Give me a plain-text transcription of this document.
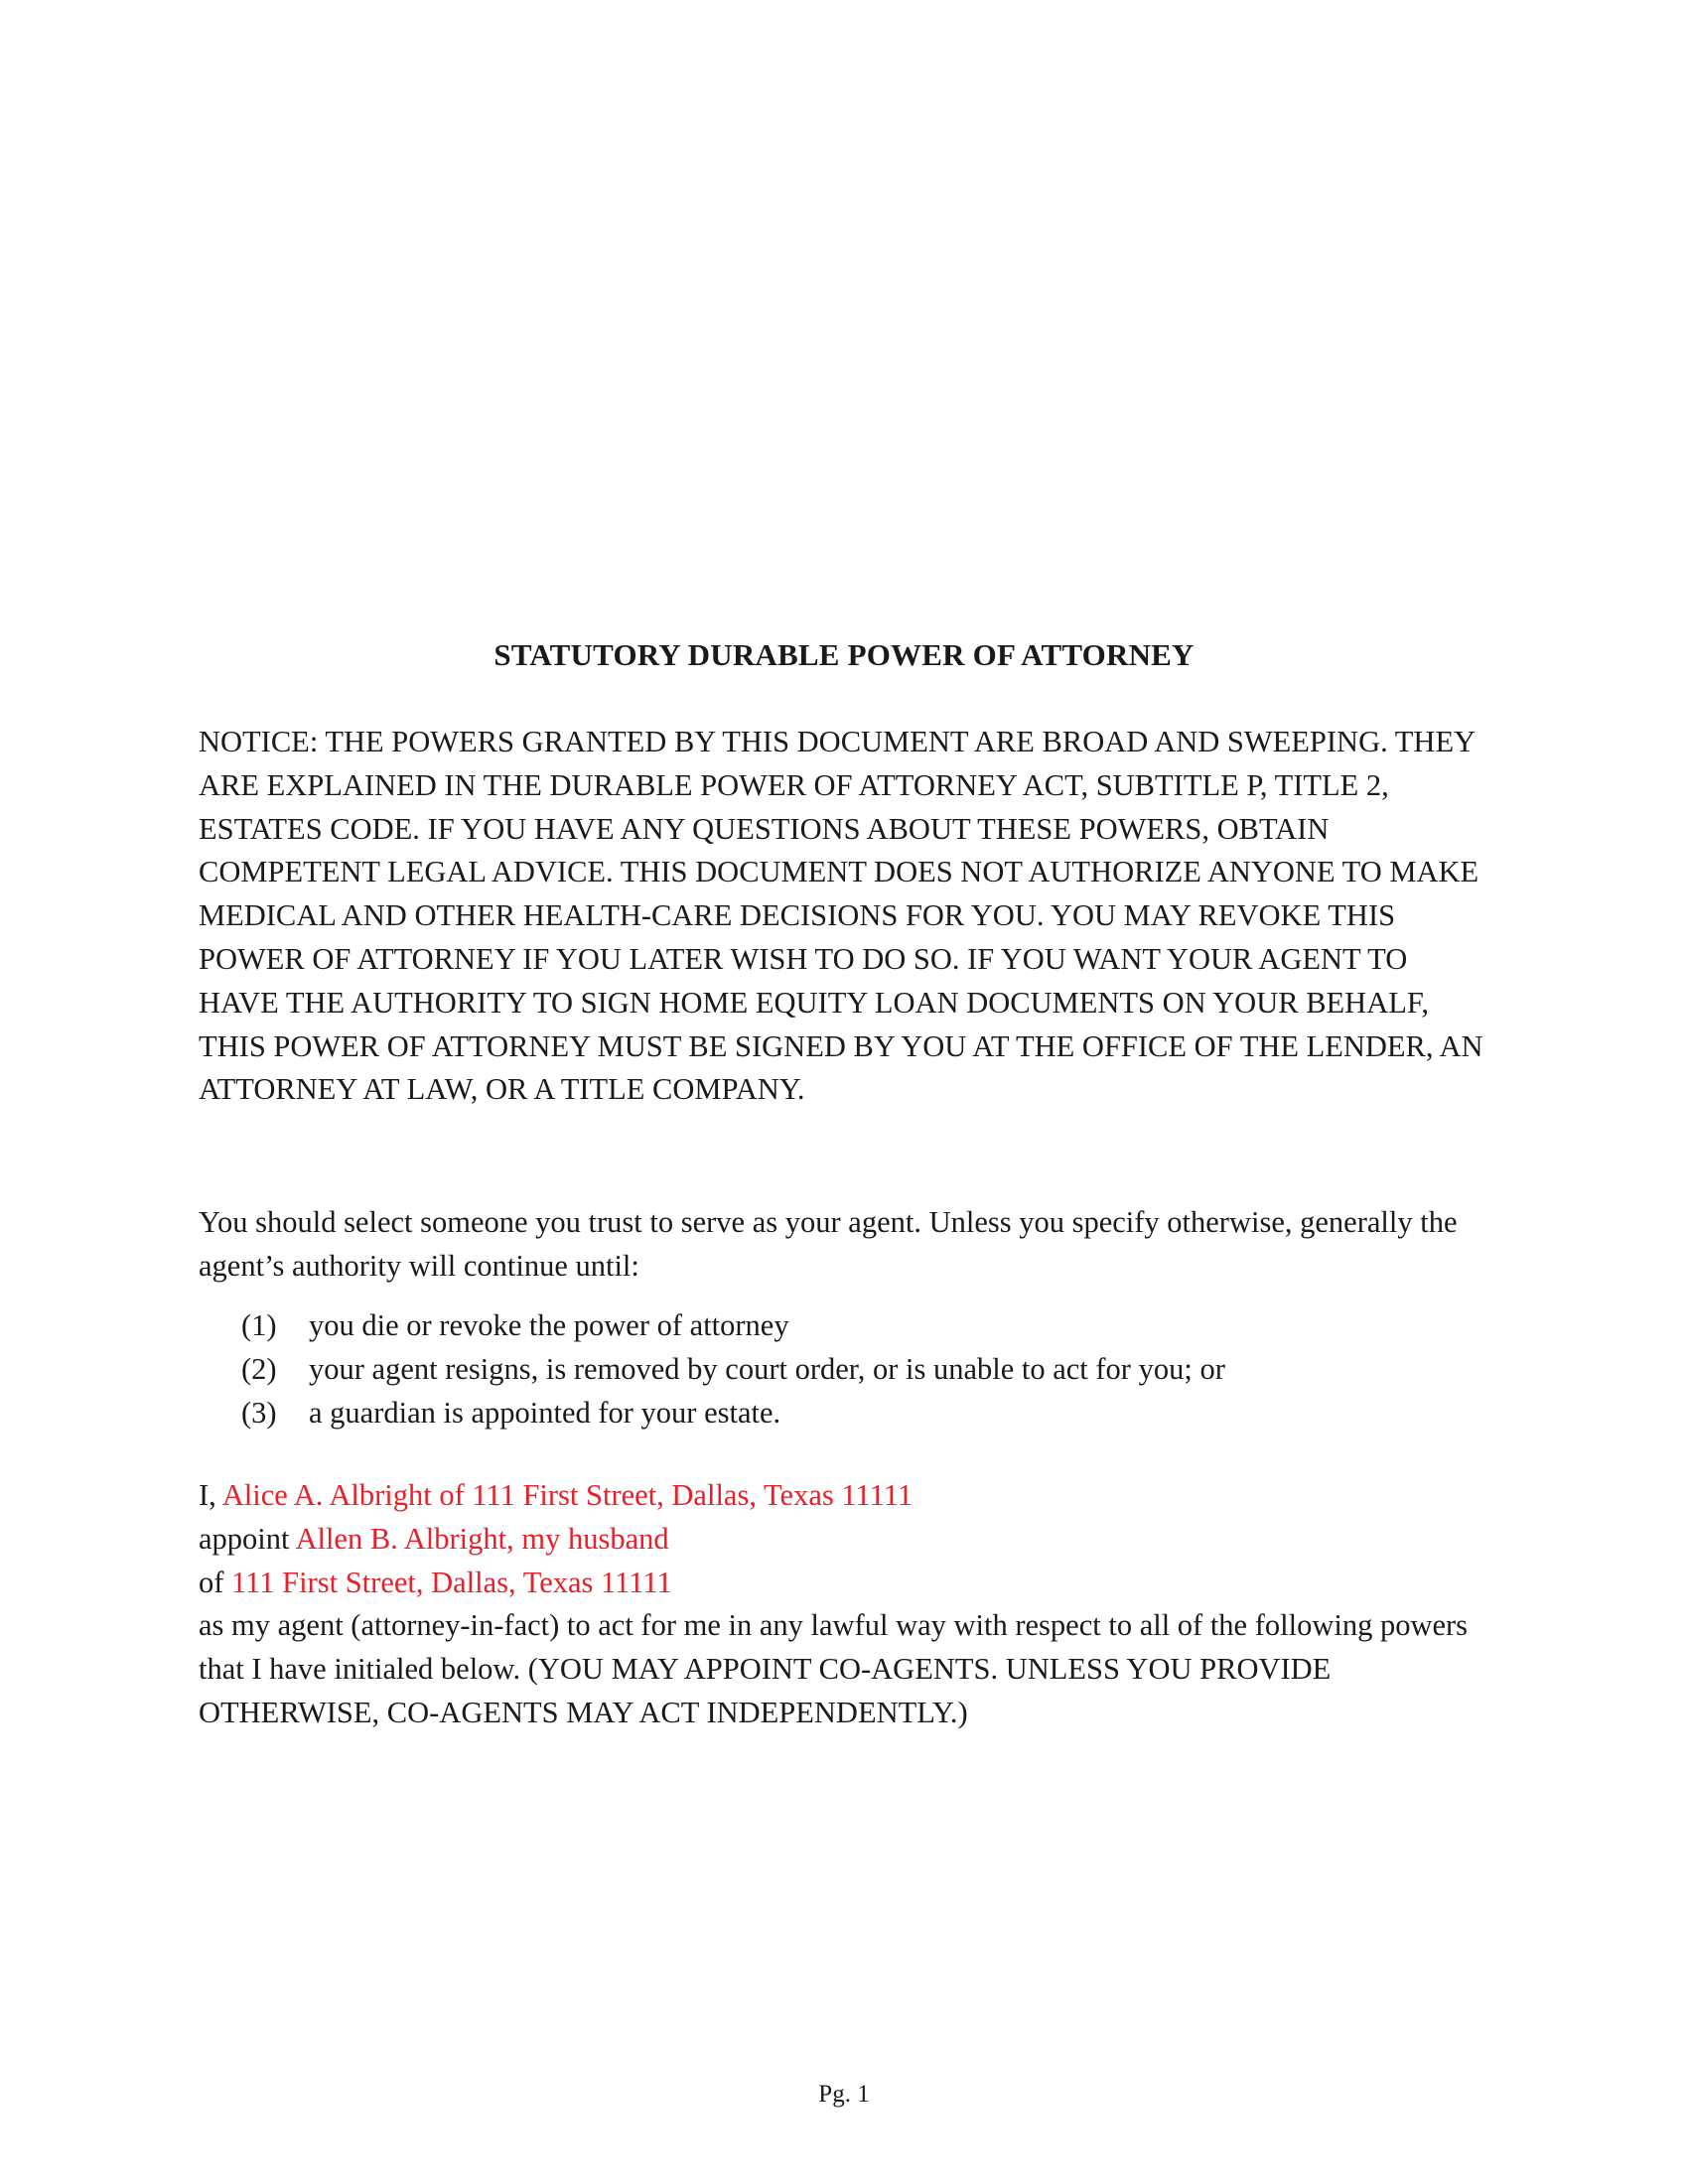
STATUTORY DURABLE POWER OF ATTORNEY
NOTICE: THE POWERS GRANTED BY THIS DOCUMENT ARE BROAD AND SWEEPING. THEY ARE EXPLAINED IN THE DURABLE POWER OF ATTORNEY ACT, SUBTITLE P, TITLE 2, ESTATES CODE. IF YOU HAVE ANY QUESTIONS ABOUT THESE POWERS, OBTAIN COMPETENT LEGAL ADVICE. THIS DOCUMENT DOES NOT AUTHORIZE ANYONE TO MAKE MEDICAL AND OTHER HEALTH-CARE DECISIONS FOR YOU. YOU MAY REVOKE THIS POWER OF ATTORNEY IF YOU LATER WISH TO DO SO. IF YOU WANT YOUR AGENT TO HAVE THE AUTHORITY TO SIGN HOME EQUITY LOAN DOCUMENTS ON YOUR BEHALF, THIS POWER OF ATTORNEY MUST BE SIGNED BY YOU AT THE OFFICE OF THE LENDER, AN ATTORNEY AT LAW, OR A TITLE COMPANY.
You should select someone you trust to serve as your agent. Unless you specify otherwise, generally the agent’s authority will continue until:
(1)	you die or revoke the power of attorney
(2)	your agent resigns, is removed by court order, or is unable to act for you; or
(3)	a guardian is appointed for your estate.
I, Alice A. Albright of 111 First Street, Dallas, Texas 11111
appoint Allen B. Albright, my husband
of 111 First Street, Dallas, Texas 11111
as my agent (attorney-in-fact) to act for me in any lawful way with respect to all of the following powers that I have initialed below. (YOU MAY APPOINT CO-AGENTS. UNLESS YOU PROVIDE OTHERWISE, CO-AGENTS MAY ACT INDEPENDENTLY.)
Pg. 1
